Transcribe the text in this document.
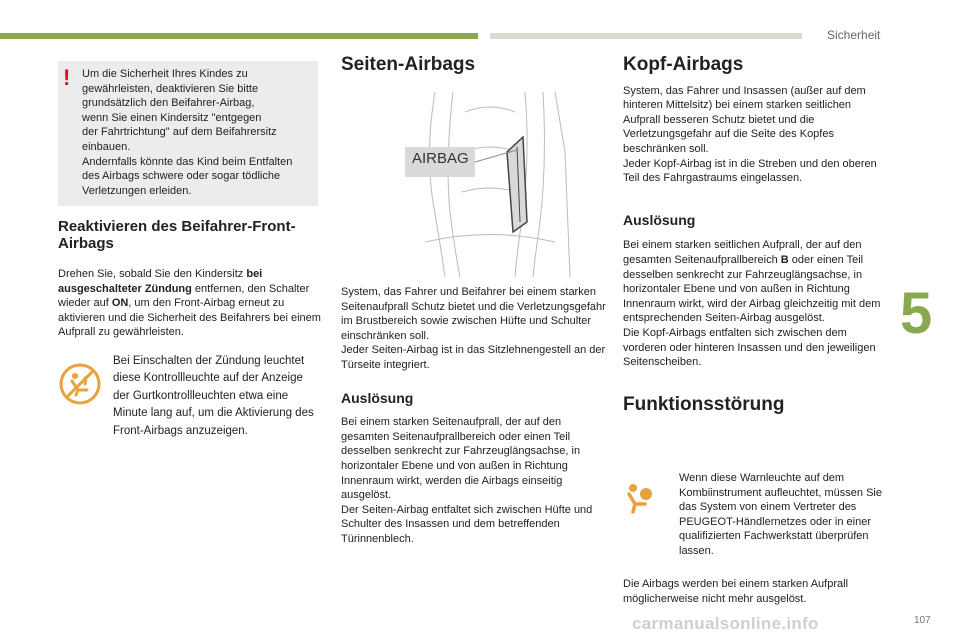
Sicherheit
5
107
! Um die Sicherheit Ihres Kindes zu
gewährleisten, deaktivieren Sie bitte
grundsätzlich den Beifahrer-Airbag,
wenn Sie einen Kindersitz "entgegen
der Fahrtrichtung" auf dem Beifahrersitz
einbauen.
Andernfalls könnte das Kind beim Entfalten
des Airbags schwere oder sogar tödliche
Verletzungen erleiden.
Reaktivieren des Beifahrer-Front-
Airbags

Drehen Sie, sobald Sie den Kindersitz bei ausgeschalteter Zündung entfernen, den Schalter wieder auf ON, um den Front-Airbag erneut zu aktivieren und die Sicherheit des Beifahrers bei einem Aufprall zu gewährleisten.

Bei Einschalten der Zündung leuchtet diese Kontrollleuchte auf der Anzeige der Gurtkontrollleuchten etwa eine Minute lang auf, um die Aktivierung des Front-Airbags anzuzeigen.
Seiten-Airbags
AIRBAG

System, das Fahrer und Beifahrer bei einem starken Seitenaufprall Schutz bietet und die Verletzungsgefahr im Brustbereich sowie zwischen Hüfte und Schulter einschränken soll.

Jeder Seiten-Airbag ist in das Sitzlehnengestell an der Türseite integriert.

Auslösung

Bei einem starken Seitenaufprall, der auf den gesamten Seitenaufprallbereich oder einen Teil desselben senkrecht zur Fahrzeuglängsachse, in horizontaler Ebene und von außen in Richtung Innenraum wirkt, werden die Airbags einseitig ausgelöst.

Der Seiten-Airbag entfaltet sich zwischen Hüfte und Schulter des Insassen und dem betreffenden Türinnenblech.

Kopf-Airbags

System, das Fahrer und Insassen (außer auf dem hinteren Mittelsitz) bei einem starken seitlichen Aufprall besseren Schutz bietet und die Verletzungsgefahr auf die Seite des Kopfes beschränken soll.

Jeder Kopf-Airbag ist in die Streben und den oberen Teil des Fahrgastraums eingelassen.

Auslösung

Bei einem starken seitlichen Aufprall, der auf den gesamten Seitenaufprallbereich B oder einen Teil desselben senkrecht zur Fahrzeuglängsachse, in horizontaler Ebene und von außen in Richtung Innenraum wirkt, wird der Airbag gleichzeitig mit dem entsprechenden Seiten-Airbag ausgelöst.

Die Kopf-Airbags entfalten sich zwischen dem vorderen oder hinteren Insassen und den jeweiligen Seitenscheiben.

Funktionsstörung
Wenn diese Warnleuchte auf dem Kombiinstrument aufleuchtet, müssen Sie das System von einem Vertreter des PEUGEOT-Händlernetzes oder in einer qualifizierten Fachwerkstatt überprüfen lassen.
Die Airbags werden bei einem starken Aufprall möglicherweise nicht mehr ausgelöst.
carmanualsonline.info
